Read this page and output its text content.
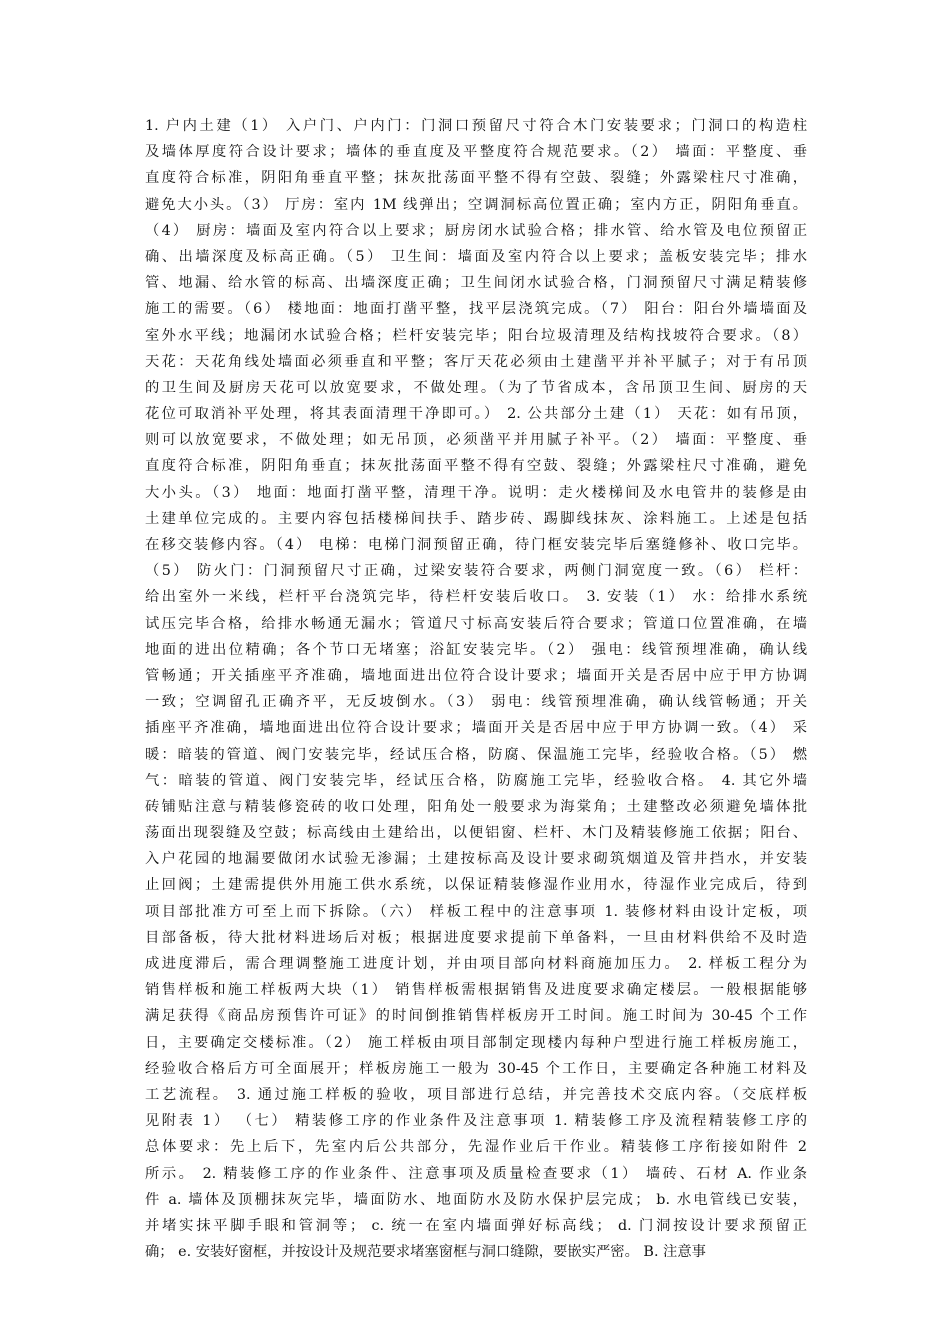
1. 户内土建（1） 入户门、户内门：门洞口预留尺寸符合木门安装要求；门洞口的构造柱
及墙体厚度符合设计要求；墙体的垂直度及平整度符合规范要求。（2） 墙面：平整度、垂
直度符合标准，阴阳角垂直平整；抹灰批荡面平整不得有空鼓、裂缝；外露梁柱尺寸准确，
避免大小头。（3） 厅房：室内 1M 线弹出；空调洞标高位置正确；室内方正，阴阳角垂直。
（4） 厨房：墙面及室内符合以上要求；厨房闭水试验合格；排水管、给水管及电位预留正
确、出墙深度及标高正确。（5） 卫生间：墙面及室内符合以上要求；盖板安装完毕；排水
管、地漏、给水管的标高、出墙深度正确；卫生间闭水试验合格，门洞预留尺寸满足精装修
施工的需要。（6） 楼地面：地面打凿平整，找平层浇筑完成。（7） 阳台：阳台外墙墙面及
室外水平线；地漏闭水试验合格；栏杆安装完毕；阳台垃圾清理及结构找坡符合要求。（8）
天花：天花角线处墙面必须垂直和平整；客厅天花必须由土建凿平并补平腻子；对于有吊顶
的卫生间及厨房天花可以放宽要求，不做处理。（为了节省成本，含吊顶卫生间、厨房的天
花位可取消补平处理，将其表面清理干净即可。） 2. 公共部分土建（1） 天花：如有吊顶，
则可以放宽要求，不做处理；如无吊顶，必须凿平并用腻子补平。（2） 墙面：平整度、垂
直度符合标准，阴阳角垂直；抹灰批荡面平整不得有空鼓、裂缝；外露梁柱尺寸准确，避免
大小头。（3） 地面：地面打凿平整，清理干净。说明：走火楼梯间及水电管井的装修是由
土建单位完成的。主要内容包括楼梯间扶手、踏步砖、踢脚线抹灰、涂料施工。上述是包括
在移交装修内容。（4） 电梯：电梯门洞预留正确，待门框安装完毕后塞缝修补、收口完毕。
（5） 防火门：门洞预留尺寸正确，过梁安装符合要求，两侧门洞宽度一致。（6） 栏杆：
给出室外一米线，栏杆平台浇筑完毕，待栏杆安装后收口。 3. 安装（1） 水：给排水系统
试压完毕合格，给排水畅通无漏水；管道尺寸标高安装后符合要求；管道口位置准确，在墙
地面的进出位精确；各个节口无堵塞；浴缸安装完毕。（2） 强电：线管预埋准确，确认线
管畅通；开关插座平齐准确，墙地面进出位符合设计要求；墙面开关是否居中应于甲方协调
一致；空调留孔正确齐平，无反坡倒水。（3） 弱电：线管预埋准确，确认线管畅通；开关
插座平齐准确，墙地面进出位符合设计要求；墙面开关是否居中应于甲方协调一致。（4） 采
暖：暗装的管道、阀门安装完毕，经试压合格，防腐、保温施工完毕，经验收合格。（5） 燃
气：暗装的管道、阀门安装完毕，经试压合格，防腐施工完毕，经验收合格。 4. 其它外墙
砖铺贴注意与精装修瓷砖的收口处理，阳角处一般要求为海棠角；土建整改必须避免墙体批
荡面出现裂缝及空鼓；标高线由土建给出，以便铝窗、栏杆、木门及精装修施工依据；阳台、
入户花园的地漏要做闭水试验无渗漏；土建按标高及设计要求砌筑烟道及管井挡水，并安装
止回阀；土建需提供外用施工供水系统，以保证精装修湿作业用水，待湿作业完成后，待到
项目部批准方可至上而下拆除。（六） 样板工程中的注意事项 1. 装修材料由设计定板，项
目部备板，待大批材料进场后对板；根据进度要求提前下单备料，一旦由材料供给不及时造
成进度滞后，需合理调整施工进度计划，并由项目部向材料商施加压力。 2. 样板工程分为
销售样板和施工样板两大块（1） 销售样板需根据销售及进度要求确定楼层。一般根据能够
满足获得《商品房预售许可证》的时间倒推销售样板房开工时间。施工时间为 30-45 个工作
日，主要确定交楼标准。（2） 施工样板由项目部制定现楼内每种户型进行施工样板房施工，
经验收合格后方可全面展开；样板房施工一般为 30-45 个工作日，主要确定各种施工材料及
工艺流程。 3. 通过施工样板的验收，项目部进行总结，并完善技术交底内容。（交底样板
见附表 1） （七） 精装修工序的作业条件及注意事项 1. 精装修工序及流程精装修工序的
总体要求：先上后下，先室内后公共部分，先湿作业后干作业。精装修工序衔接如附件 2
所示。 2. 精装修工序的作业条件、注意事项及质量检查要求（1） 墙砖、石材 A. 作业条
件 a. 墙体及顶棚抹灰完毕，墙面防水、地面防水及防水保护层完成； b. 水电管线已安装，
并堵实抹平脚手眼和管洞等； c. 统一在室内墙面弹好标高线； d. 门洞按设计要求预留正
确； e. 安装好窗框，并按设计及规范要求堵塞窗框与洞口缝隙，要嵌实严密。 B. 注意事
